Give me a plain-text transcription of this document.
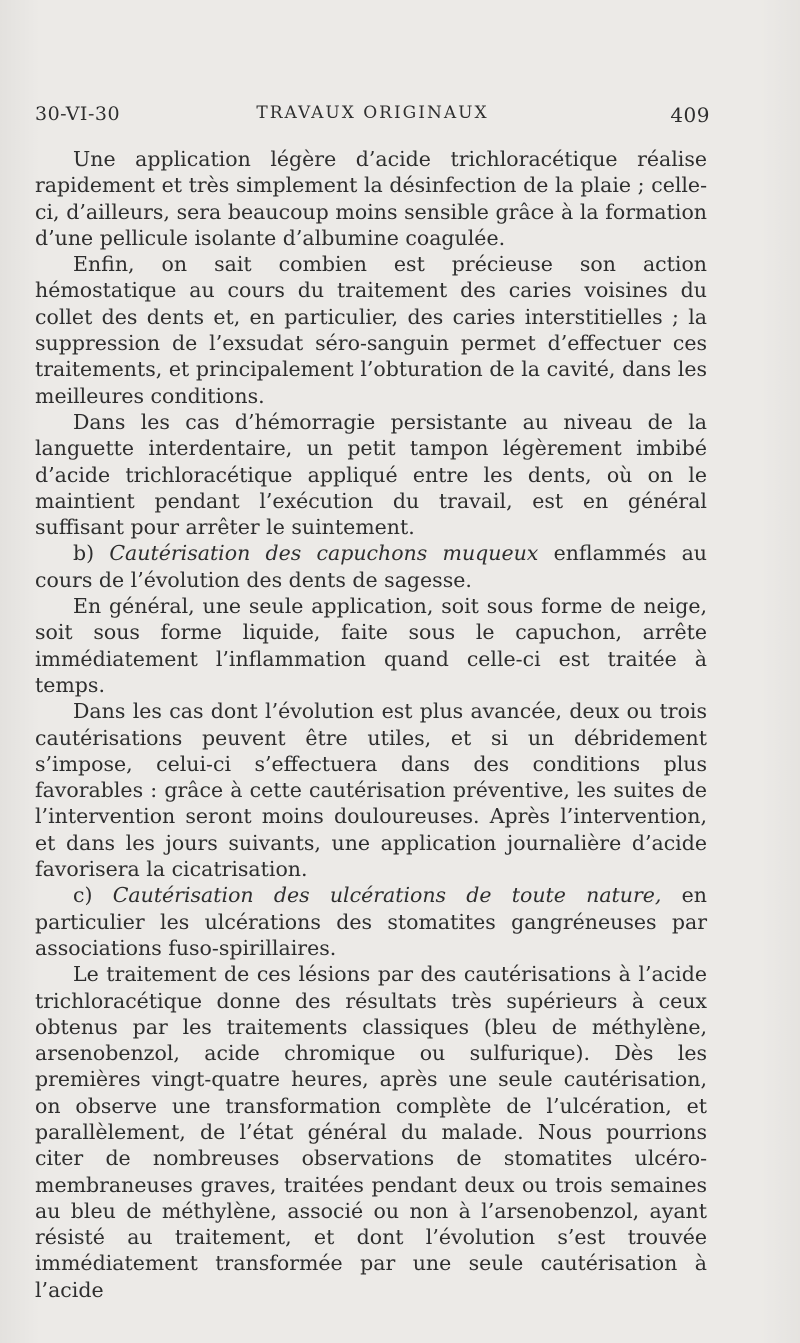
30-VI-30	TRAVAUX ORIGINAUX	409

Une application légère d’acide trichloracétique réalise rapidement et très simplement la désinfection de la plaie ; celle-ci, d’ailleurs, sera beaucoup moins sensible grâce à la formation d’une pellicule isolante d’albumine coagulée.

Enfin, on sait combien est précieuse son action hémostatique au cours du traitement des caries voisines du collet des dents et, en particulier, des caries interstitielles ; la suppression de l’exsudat séro-sanguin permet d’effectuer ces traitements, et principalement l’obturation de la cavité, dans les meilleures conditions.

Dans les cas d’hémorragie persistante au niveau de la languette interdentaire, un petit tampon légèrement imbibé d’acide trichloracétique appliqué entre les dents, où on le maintient pendant l’exécution du travail, est en général suffisant pour arrêter le suintement.

b) Cautérisation des capuchons muqueux enflammés au cours de l’évolution des dents de sagesse.

En général, une seule application, soit sous forme de neige, soit sous forme liquide, faite sous le capuchon, arrête immédiatement l’inflammation quand celle-ci est traitée à temps.

Dans les cas dont l’évolution est plus avancée, deux ou trois cautérisations peuvent être utiles, et si un débridement s’impose, celui-ci s’effectuera dans des conditions plus favorables : grâce à cette cautérisation préventive, les suites de l’intervention seront moins douloureuses. Après l’intervention, et dans les jours suivants, une application journalière d’acide favorisera la cicatrisation.

c) Cautérisation des ulcérations de toute nature, en particulier les ulcérations des stomatites gangréneuses par associations fuso-spirillaires.

Le traitement de ces lésions par des cautérisations à l’acide trichloracétique donne des résultats très supérieurs à ceux obtenus par les traitements classiques (bleu de méthylène, arsenobenzol, acide chromique ou sulfurique). Dès les premières vingt-quatre heures, après une seule cautérisation, on observe une transformation complète de l’ulcération, et parallèlement, de l’état général du malade. Nous pourrions citer de nombreuses observations de stomatites ulcéro-membraneuses graves, traitées pendant deux ou trois semaines au bleu de méthylène, associé ou non à l’arsenobenzol, ayant résisté au traitement, et dont l’évolution s’est trouvée immédiatement transformée par une seule cautérisation à l’acide
